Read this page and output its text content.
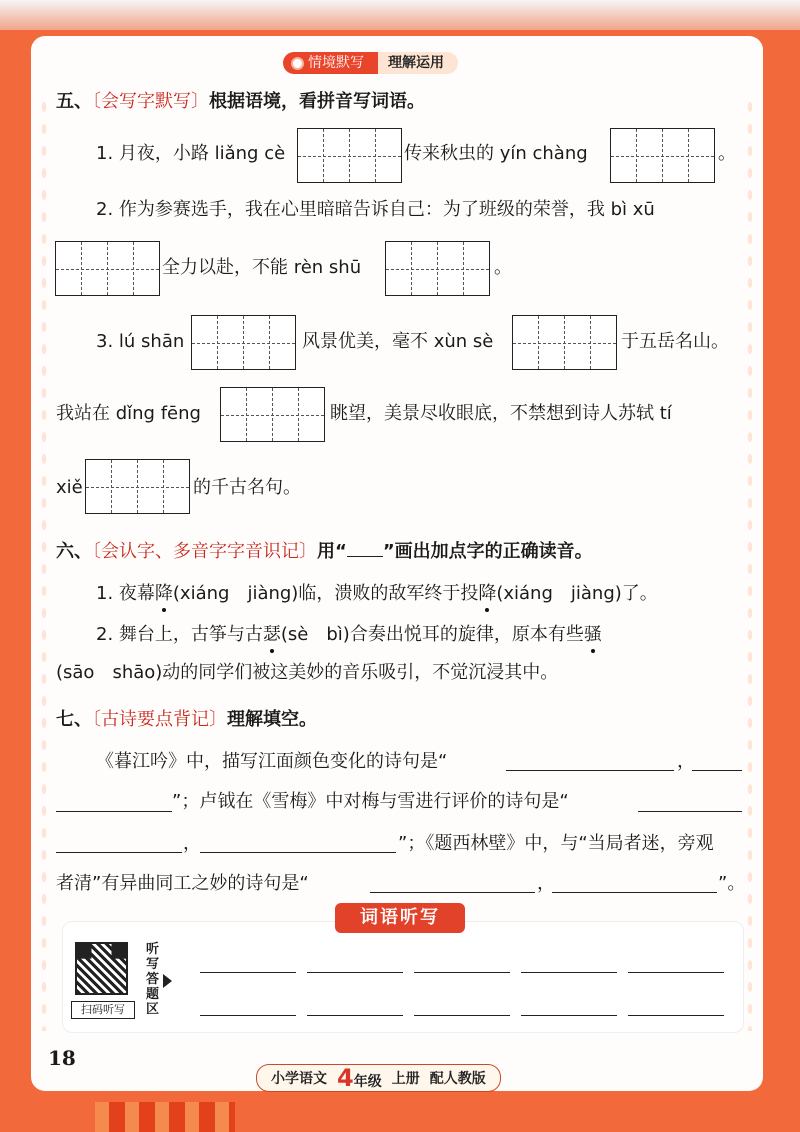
情境默写	理解运用
五、〔会写字默写〕根据语境，看拼音写词语。
1. 月夜，小路 liǎng cè	传来秋虫的 yín chàng	。
2. 作为参赛选手，我在心里暗暗告诉自己：为了班级的荣誉，我 bì xū
全力以赴，不能 rèn shū	。
3. lú shān	风景优美，毫不 xùn sè	于五岳名山。
我站在 dǐng fēng	眺望，美景尽收眼底，不禁想到诗人苏轼 tí
xiě	的千古名句。
六、〔会认字、多音字字音识记〕用“ ”画出加点字的正确读音。
1. 夜幕降(xiáng　jiàng)临，溃败的敌军终于投降(xiáng　jiàng)了。
2. 舞台上，古筝与古瑟(sè　bì)合奏出悦耳的旋律，原本有些骚
(sāo　shāo)动的同学们被这美妙的音乐吸引，不觉沉浸其中。
七、〔古诗要点背记〕理解填空。
《暮江吟》中，描写江面颜色变化的诗句是“	，
”；卢钺在《雪梅》中对梅与雪进行评价的诗句是“
，	”；《题西林壁》中，与“当局者迷，旁观
者清”有异曲同工之妙的诗句是“	，	”。
词语听写
扫码听写
听写答题区
18
小学语文 4年级 上册 配人教版
